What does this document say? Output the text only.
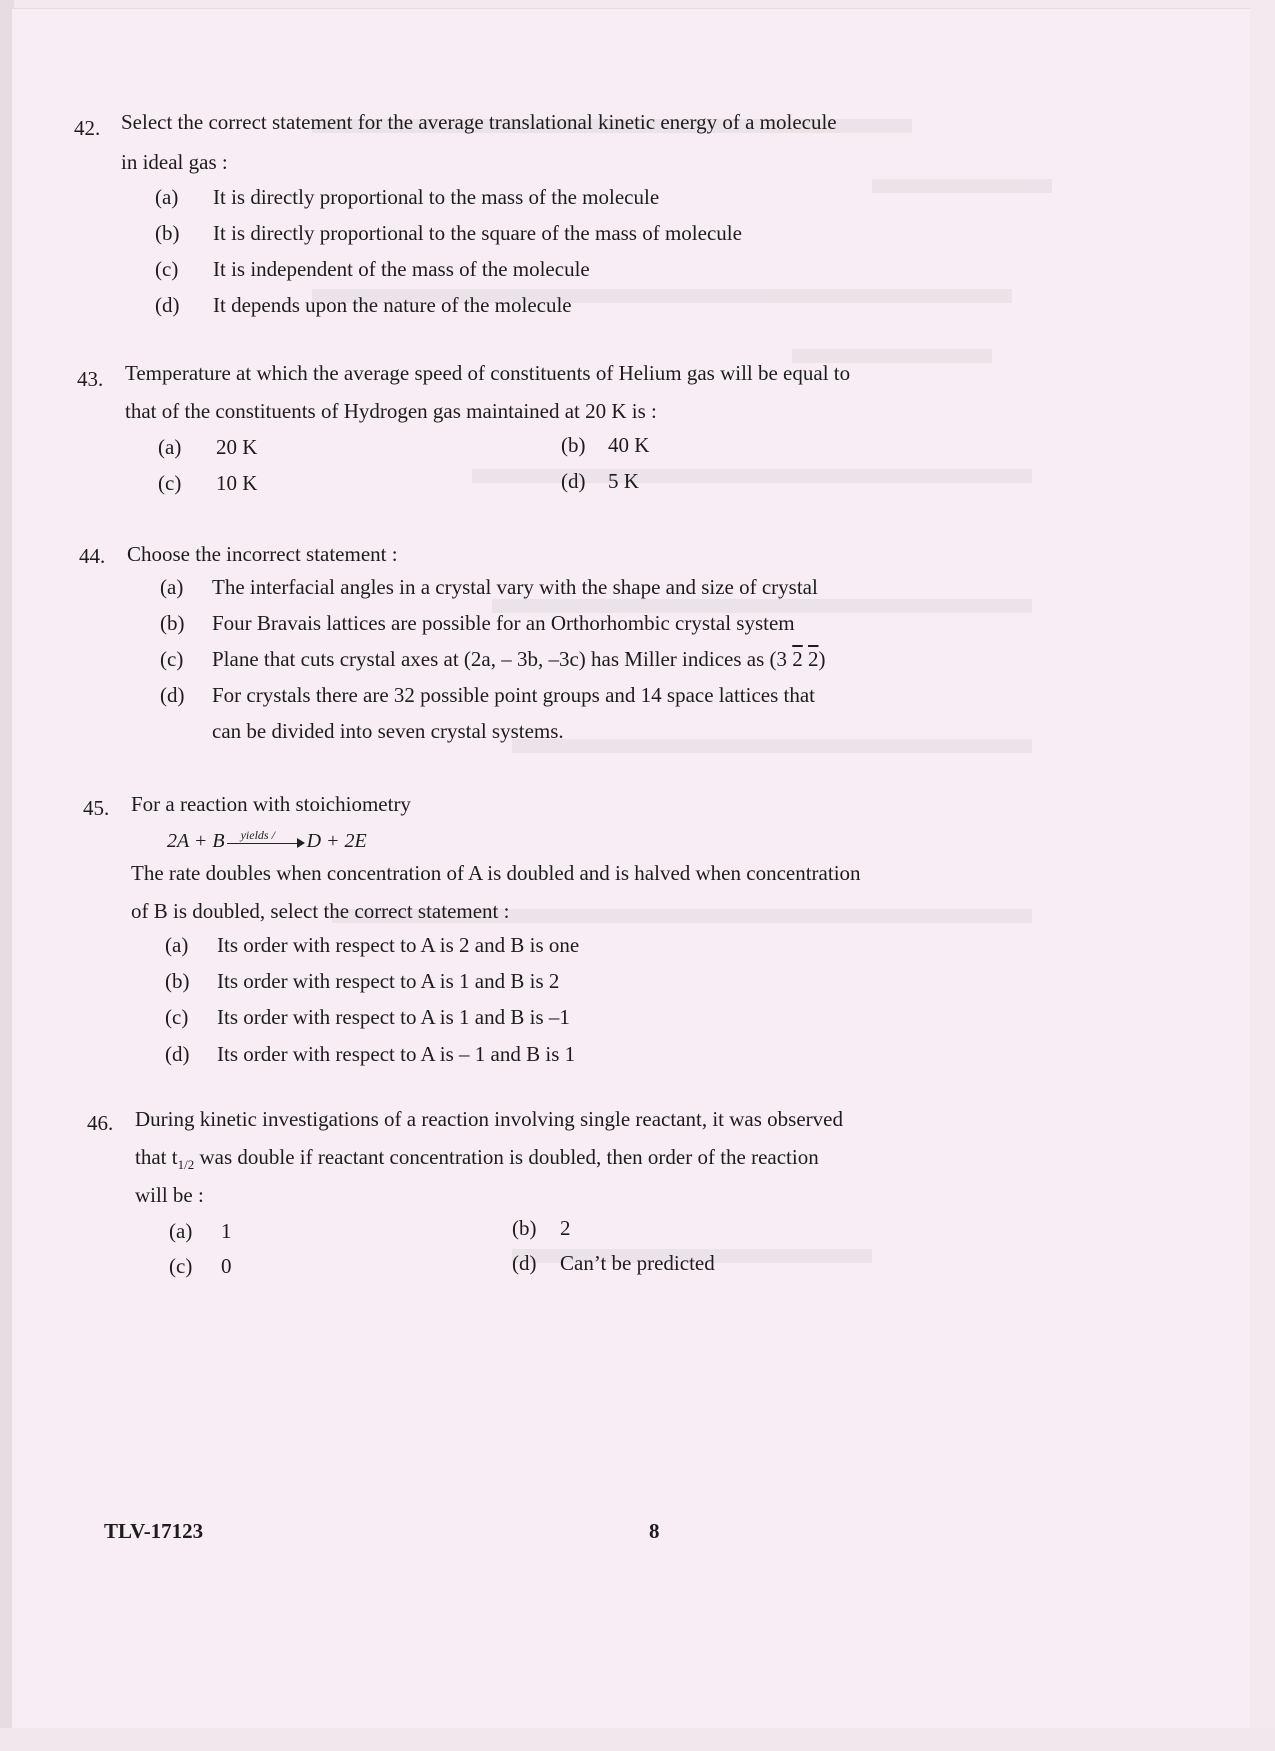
42. Select the correct statement for the average translational kinetic energy of a molecule
in ideal gas :
(a) It is directly proportional to the mass of the molecule
(b) It is directly proportional to the square of the mass of molecule
(c) It is independent of the mass of the molecule
(d) It depends upon the nature of the molecule
43. Temperature at which the average speed of constituents of Helium gas will be equal to
that of the constituents of Hydrogen gas maintained at 20 K is :
(a) 20 K	(b) 40 K
(c) 10 K	(d) 5 K
44. Choose the incorrect statement :
(a) The interfacial angles in a crystal vary with the shape and size of crystal
(b) Four Bravais lattices are possible for an Orthorhombic crystal system
(c) Plane that cuts crystal axes at (2a, – 3b, –3c) has Miller indices as (3 2 2)
(d) For crystals there are 32 possible point groups and 14 space lattices that
can be divided into seven crystal systems.
45. For a reaction with stoichiometry
2A + B yields / D + 2E
The rate doubles when concentration of A is doubled and is halved when concentration
of B is doubled, select the correct statement :
(a) Its order with respect to A is 2 and B is one
(b) Its order with respect to A is 1 and B is 2
(c) Its order with respect to A is 1 and B is –1
(d) Its order with respect to A is – 1 and B is 1
46. During kinetic investigations of a reaction involving single reactant, it was observed
that $t_{1/2}$ was double if reactant concentration is doubled, then order of the reaction
will be :
(a) 1	(b) 2
(c) 0	(d) Can’t be predicted
TLV-17123	8
